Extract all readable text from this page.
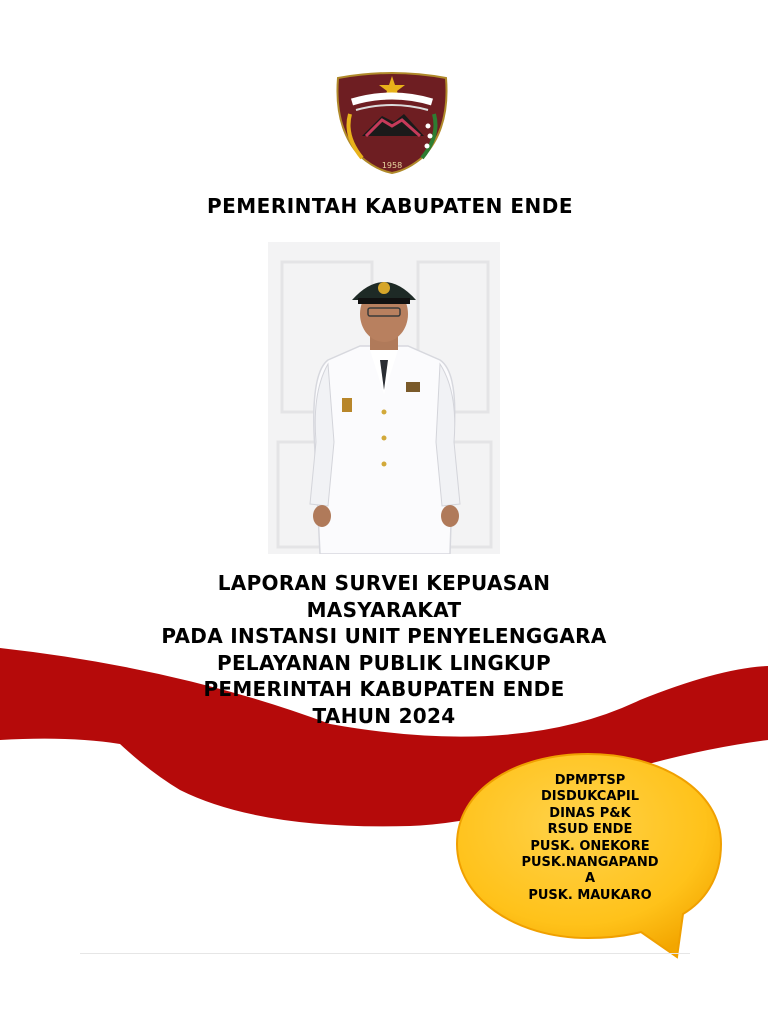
1958
PEMERINTAH KABUPATEN ENDE
LAPORAN SURVEI KEPUASAN
MASYARAKAT
PADA INSTANSI UNIT PENYELENGGARA
PELAYANAN PUBLIK LINGKUP
PEMERINTAH KABUPATEN ENDE
TAHUN 2024
DPMPTSP
DISDUKCAPIL
DINAS P&K
RSUD ENDE
PUSK. ONEKORE
PUSK.NANGAPAND
A
PUSK. MAUKARO
